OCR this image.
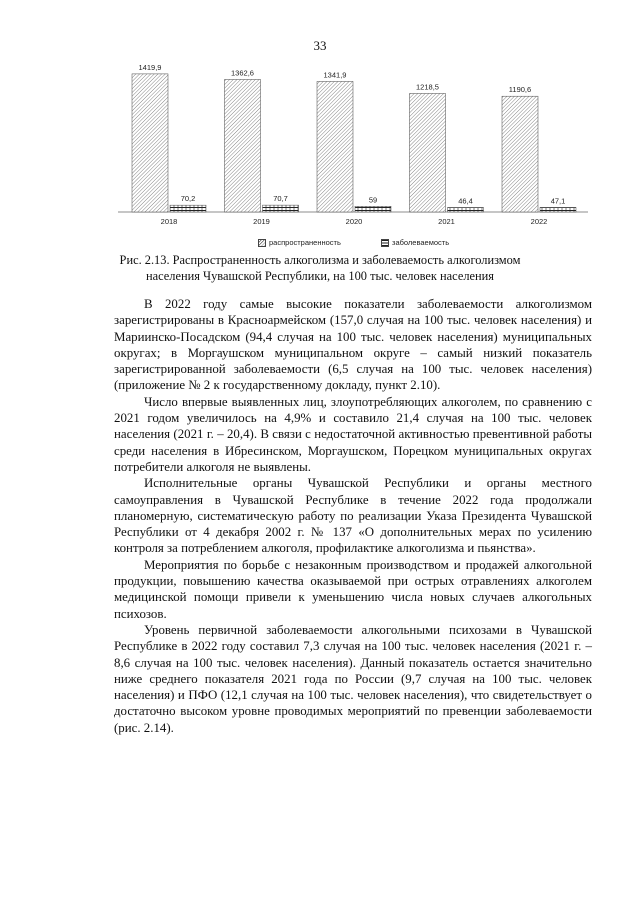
33
1419,9
70,2
2018
1362,6
70,7
2019
1341,9
59
2020
1218,5
46,4
2021
1190,6
47,1
2022
распространенность	заболеваемость
Рис. 2.13. Распространенность алкоголизма и заболеваемость алкоголизмом
населения Чувашской Республики, на 100 тыс. человек населения

В 2022 году самые высокие показатели заболеваемости алкоголизмом зарегистрированы в Красноармейском (157,0 случая на 100 тыс. человек населения) и Мариинско-Посадском (94,4 случая на 100 тыс. человек населения) муниципальных округах; в Моргаушском муниципальном округе – самый низкий показатель зарегистрированной заболеваемости (6,5 случая на 100 тыс. человек населения) (приложение № 2 к государственному докладу, пункт 2.10).

Число впервые выявленных лиц, злоупотребляющих алкоголем, по сравнению с 2021 годом увеличилось на 4,9% и составило 21,4 случая на 100 тыс. человек населения (2021 г. – 20,4). В связи с недостаточной активностью превентивной работы среди населения в Ибресинском, Моргаушском, Порецком муниципальных округах потребители алкоголя не выявлены.

Исполнительные органы Чувашской Республики и органы местного самоуправления в Чувашской Республике в течение 2022 года продолжали планомерную, систематическую работу по реализации Указа Президента Чувашской Республики от 4 декабря 2002 г. № 137 «О дополнительных мерах по усилению контроля за потреблением алкоголя, профилактике алкоголизма и пьянства».

Мероприятия по борьбе с незаконным производством и продажей алкогольной продукции, повышению качества оказываемой при острых отравлениях алкоголем медицинской помощи привели к уменьшению числа новых случаев алкогольных психозов.

Уровень первичной заболеваемости алкогольными психозами в Чувашской Республике в 2022 году составил 7,3 случая на 100 тыс. человек населения (2021 г. – 8,6 случая на 100 тыс. человек населения). Данный показатель остается значительно ниже среднего показателя 2021 года по России (9,7 случая на 100 тыс. человек населения) и ПФО (12,1 случая на 100 тыс. человек населения), что свидетельствует о достаточно высоком уровне проводимых мероприятий по превенции заболеваемости (рис. 2.14).
